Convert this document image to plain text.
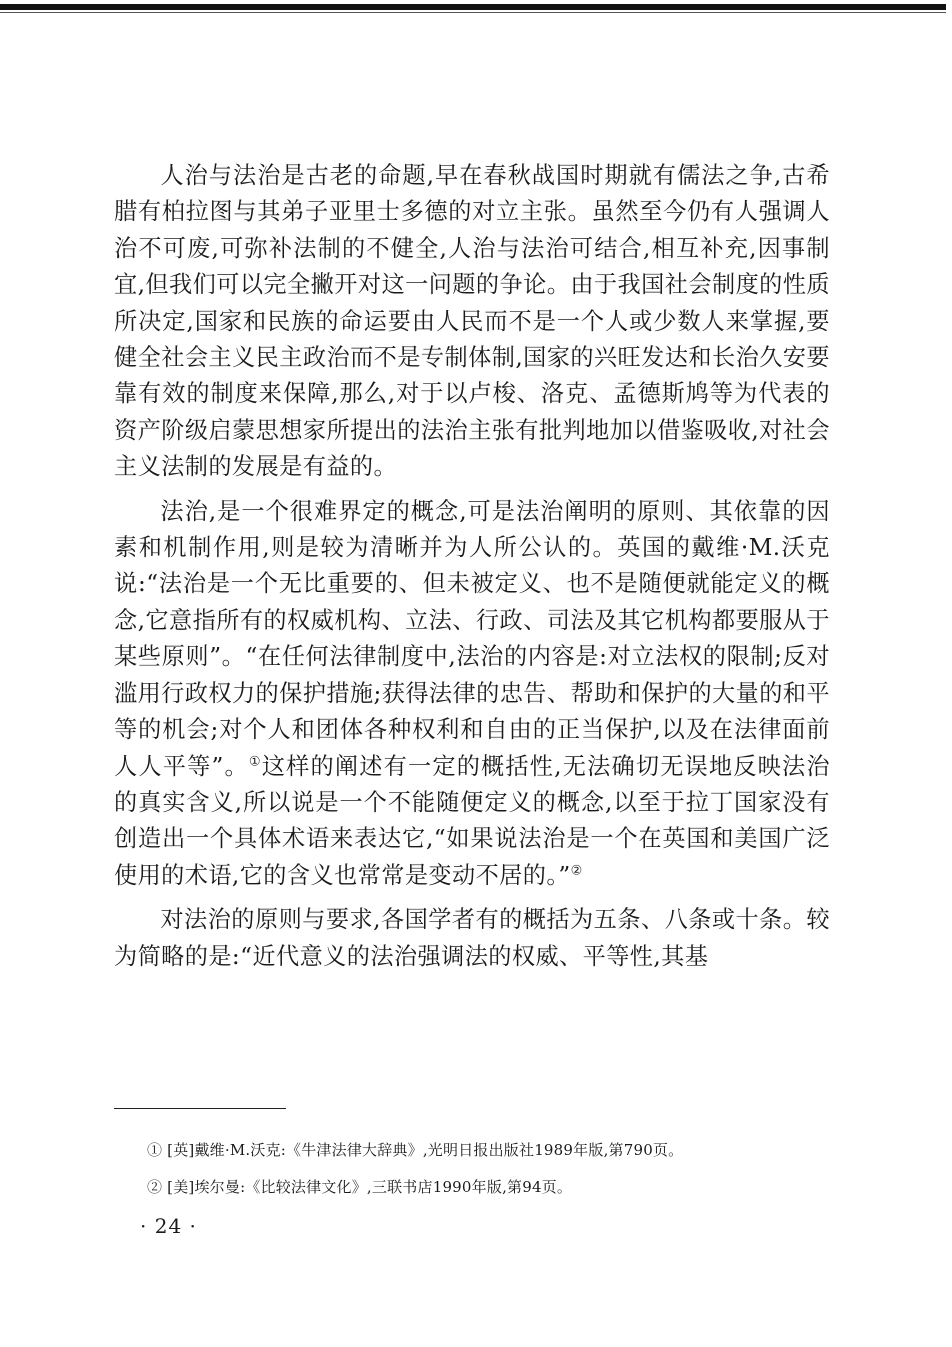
人治与法治是古老的命题,早在春秋战国时期就有儒法之争,古希腊有柏拉图与其弟子亚里士多德的对立主张。虽然至今仍有人强调人治不可废,可弥补法制的不健全,人治与法治可结合,相互补充,因事制宜,但我们可以完全撇开对这一问题的争论。由于我国社会制度的性质所决定,国家和民族的命运要由人民而不是一个人或少数人来掌握,要健全社会主义民主政治而不是专制体制,国家的兴旺发达和长治久安要靠有效的制度来保障,那么,对于以卢梭、洛克、孟德斯鸠等为代表的资产阶级启蒙思想家所提出的法治主张有批判地加以借鉴吸收,对社会主义法制的发展是有益的。

法治,是一个很难界定的概念,可是法治阐明的原则、其依靠的因素和机制作用,则是较为清晰并为人所公认的。英国的戴维·M.沃克说:“法治是一个无比重要的、但未被定义、也不是随便就能定义的概念,它意指所有的权威机构、立法、行政、司法及其它机构都要服从于某些原则”。“在任何法律制度中,法治的内容是:对立法权的限制;反对滥用行政权力的保护措施;获得法律的忠告、帮助和保护的大量的和平等的机会;对个人和团体各种权利和自由的正当保护,以及在法律面前人人平等”。①这样的阐述有一定的概括性,无法确切无误地反映法治的真实含义,所以说是一个不能随便定义的概念,以至于拉丁国家没有创造出一个具体术语来表达它,“如果说法治是一个在英国和美国广泛使用的术语,它的含义也常常是变动不居的。”②

对法治的原则与要求,各国学者有的概括为五条、八条或十条。较为简略的是:“近代意义的法治强调法的权威、平等性,其基

① [英]戴维·M.沃克:《牛津法律大辞典》,光明日报出版社1989年版,第790页。

② [美]埃尔曼:《比较法律文化》,三联书店1990年版,第94页。

· 24 ·
